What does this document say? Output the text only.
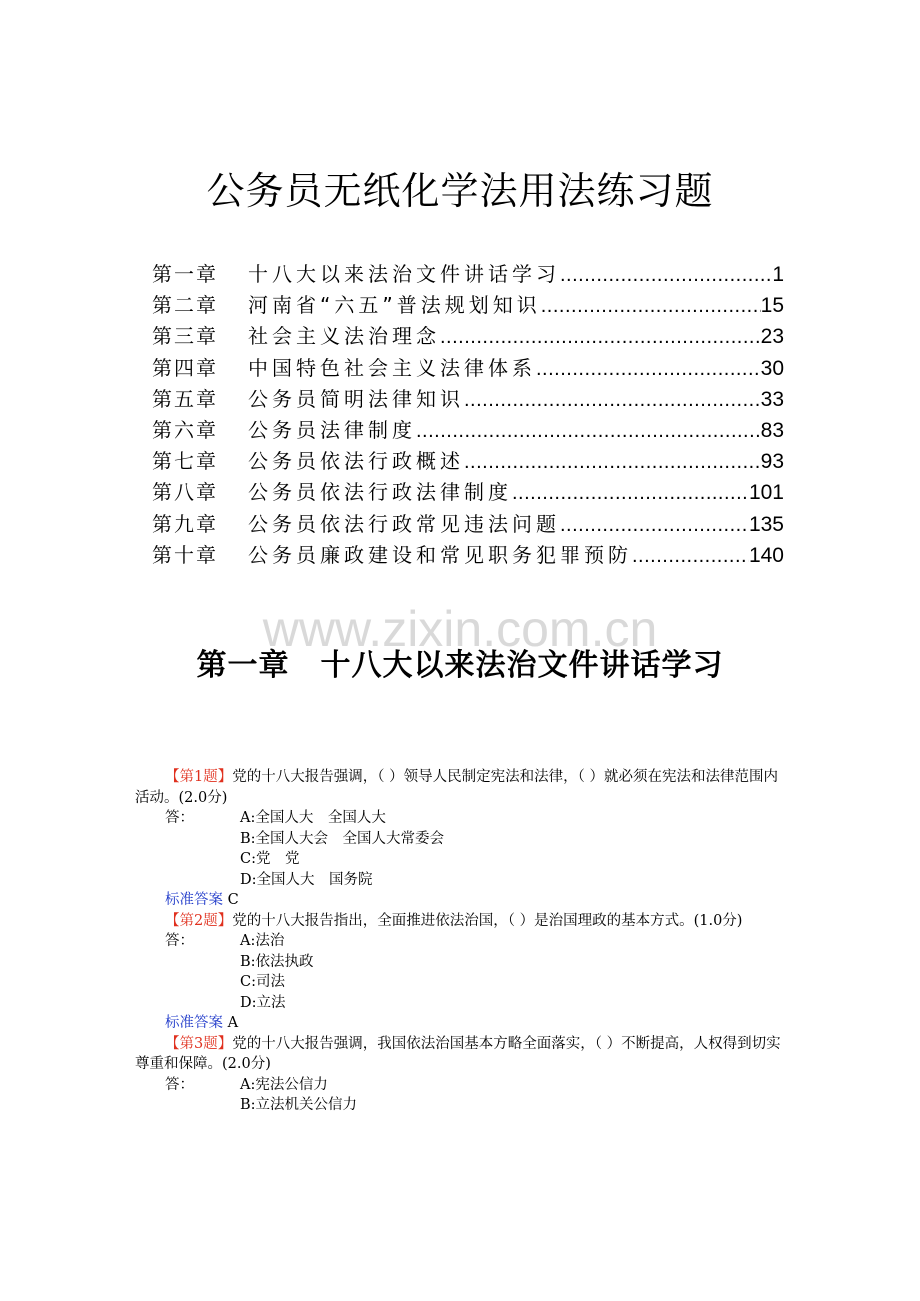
公务员无纸化学法用法练习题
第一章	十八大以来法治文件讲话学习 .....	1
第二章	河南省“六五”普法规划知识 .....	15
第三章	社会主义法治理念 .....	23
第四章	中国特色社会主义法律体系 .....	30
第五章	公务员简明法律知识 .....	33
第六章	公务员法律制度 .....	83
第七章	公务员依法行政概述 .....	93
第八章	公务员依法行政法律制度 .....	101
第九章	公务员依法行政常见违法问题 .....	135
第十章	公务员廉政建设和常见职务犯罪预防 .....	140
www.zixin.com.cn
第一章　十八大以来法治文件讲话学习

【第1题】党的十八大报告强调，（ ）领导人民制定宪法和法律，（ ）就必须在宪法和法律范围内活动。(2.0分)

答：	A:全国人大　全国人大
B:全国人大会　全国人大常委会
C:党　党
D:全国人大　国务院
标准答案 C

【第2题】党的十八大报告指出，全面推进依法治国，（ ）是治国理政的基本方式。(1.0分)

答：	A:法治
B:依法执政
C:司法
D:立法
标准答案 A

【第3题】党的十八大报告强调，我国依法治国基本方略全面落实，（ ）不断提高，人权得到切实尊重和保障。(2.0分)

答：	A:宪法公信力
B:立法机关公信力
